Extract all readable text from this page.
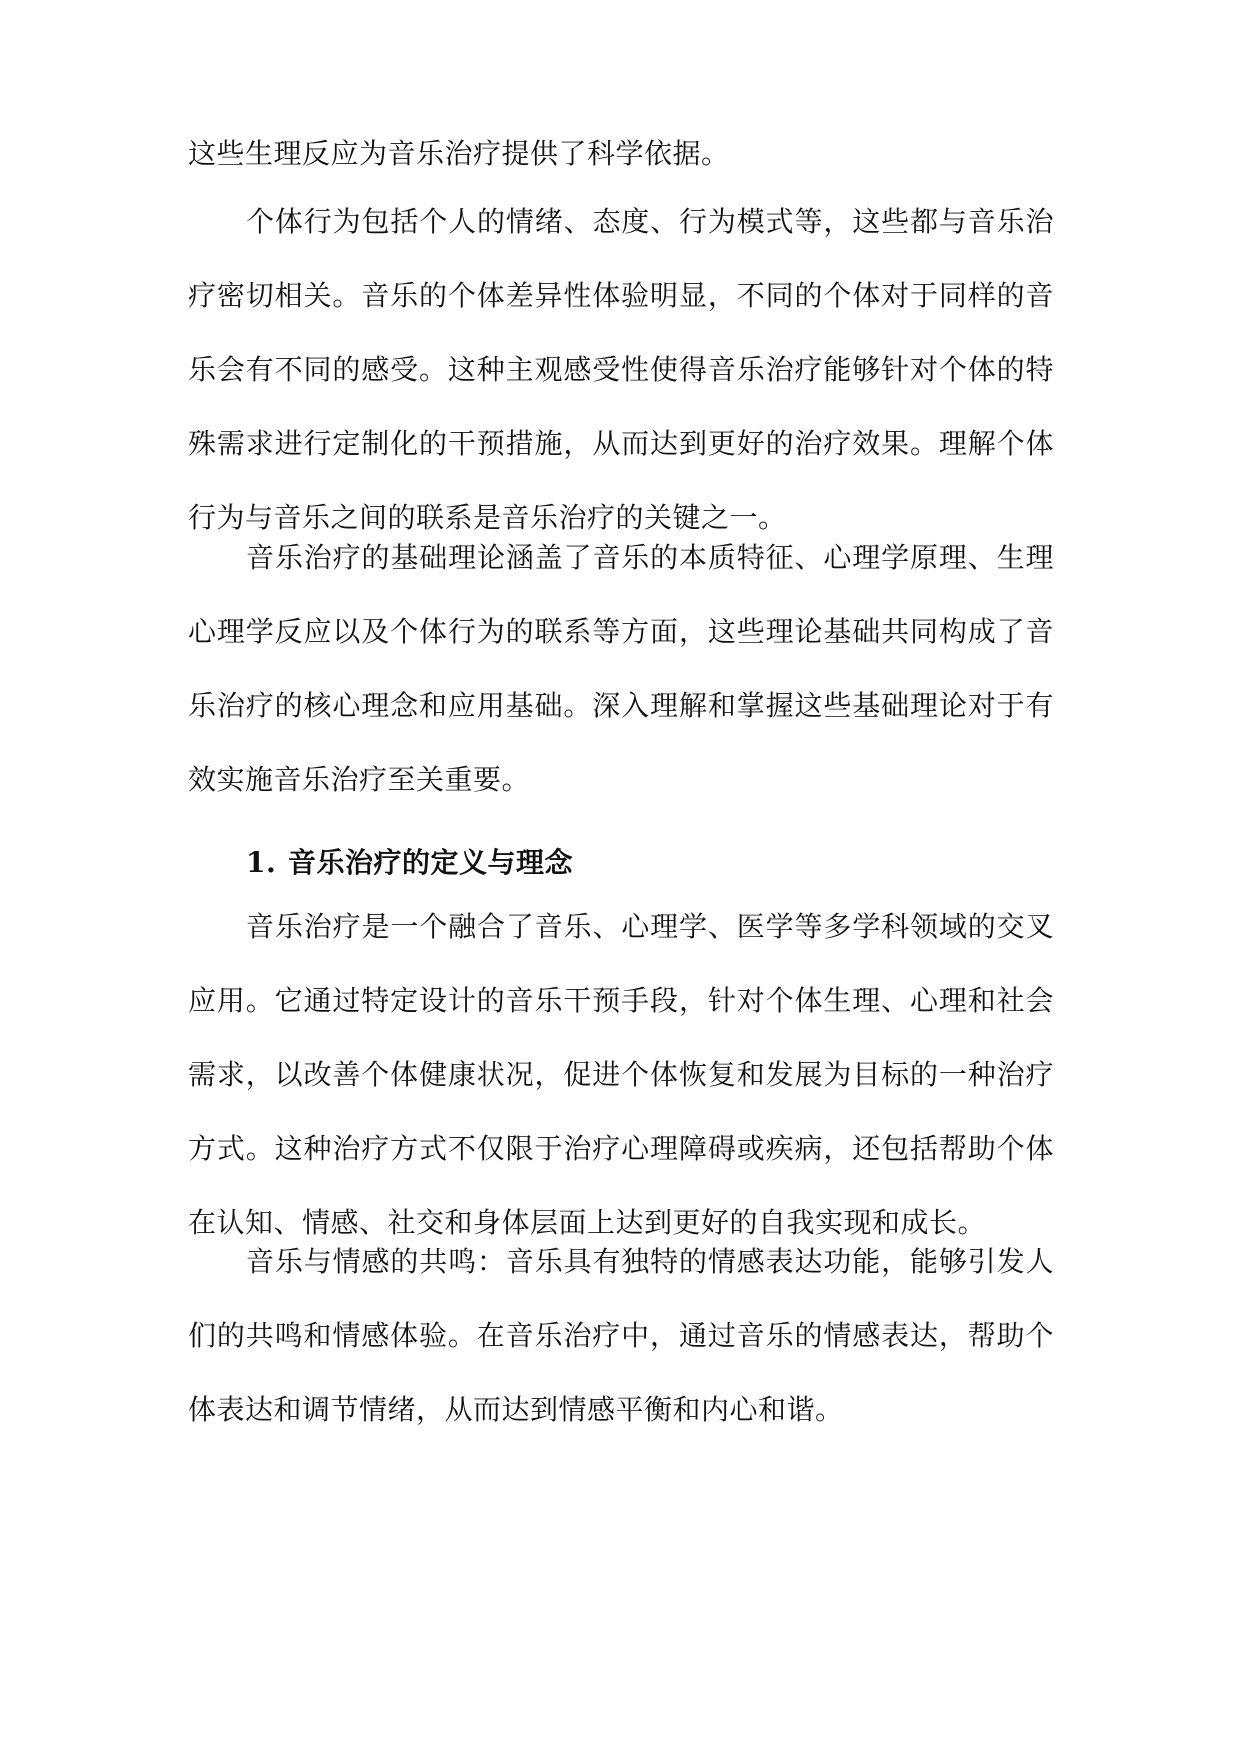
这些生理反应为音乐治疗提供了科学依据。

个体行为包括个人的情绪、态度、行为模式等，这些都与音乐治疗密切相关。音乐的个体差异性体验明显，不同的个体对于同样的音乐会有不同的感受。这种主观感受性使得音乐治疗能够针对个体的特殊需求进行定制化的干预措施，从而达到更好的治疗效果。理解个体行为与音乐之间的联系是音乐治疗的关键之一。

音乐治疗的基础理论涵盖了音乐的本质特征、心理学原理、生理心理学反应以及个体行为的联系等方面，这些理论基础共同构成了音乐治疗的核心理念和应用基础。深入理解和掌握这些基础理论对于有效实施音乐治疗至关重要。

1. 音乐治疗的定义与理念

音乐治疗是一个融合了音乐、心理学、医学等多学科领域的交叉应用。它通过特定设计的音乐干预手段，针对个体生理、心理和社会需求，以改善个体健康状况，促进个体恢复和发展为目标的一种治疗方式。这种治疗方式不仅限于治疗心理障碍或疾病，还包括帮助个体在认知、情感、社交和身体层面上达到更好的自我实现和成长。

音乐与情感的共鸣：音乐具有独特的情感表达功能，能够引发人们的共鸣和情感体验。在音乐治疗中，通过音乐的情感表达，帮助个体表达和调节情绪，从而达到情感平衡和内心和谐。
